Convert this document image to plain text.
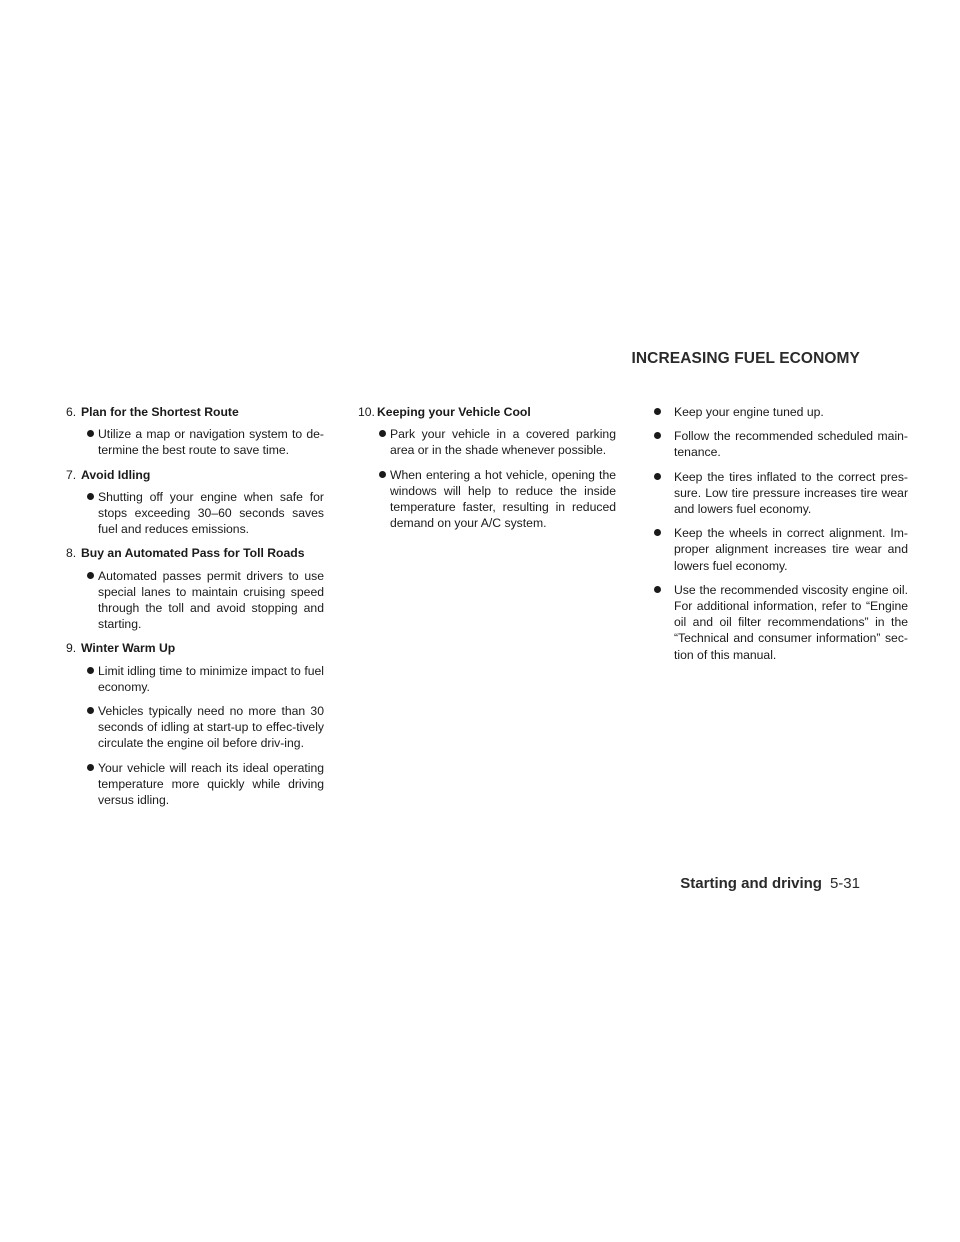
INCREASING FUEL ECONOMY
6. Plan for the Shortest Route
Utilize a map or navigation system to de-termine the best route to save time.
7. Avoid Idling
Shutting off your engine when safe for stops exceeding 30–60 seconds saves fuel and reduces emissions.
8. Buy an Automated Pass for Toll Roads
Automated passes permit drivers to use special lanes to maintain cruising speed through the toll and avoid stopping and starting.
9. Winter Warm Up
Limit idling time to minimize impact to fuel economy.
Vehicles typically need no more than 30 seconds of idling at start-up to effec-tively circulate the engine oil before driv-ing.
Your vehicle will reach its ideal operating temperature more quickly while driving versus idling.
10. Keeping your Vehicle Cool
Park your vehicle in a covered parking area or in the shade whenever possible.
When entering a hot vehicle, opening the windows will help to reduce the inside temperature faster, resulting in reduced demand on your A/C system.
Keep your engine tuned up.
Follow the recommended scheduled main-tenance.
Keep the tires inflated to the correct pres-sure. Low tire pressure increases tire wear and lowers fuel economy.
Keep the wheels in correct alignment. Im-proper alignment increases tire wear and lowers fuel economy.
Use the recommended viscosity engine oil. For additional information, refer to “Engine oil and oil filter recommendations” in the “Technical and consumer information” sec-tion of this manual.
Starting and driving 5-31
